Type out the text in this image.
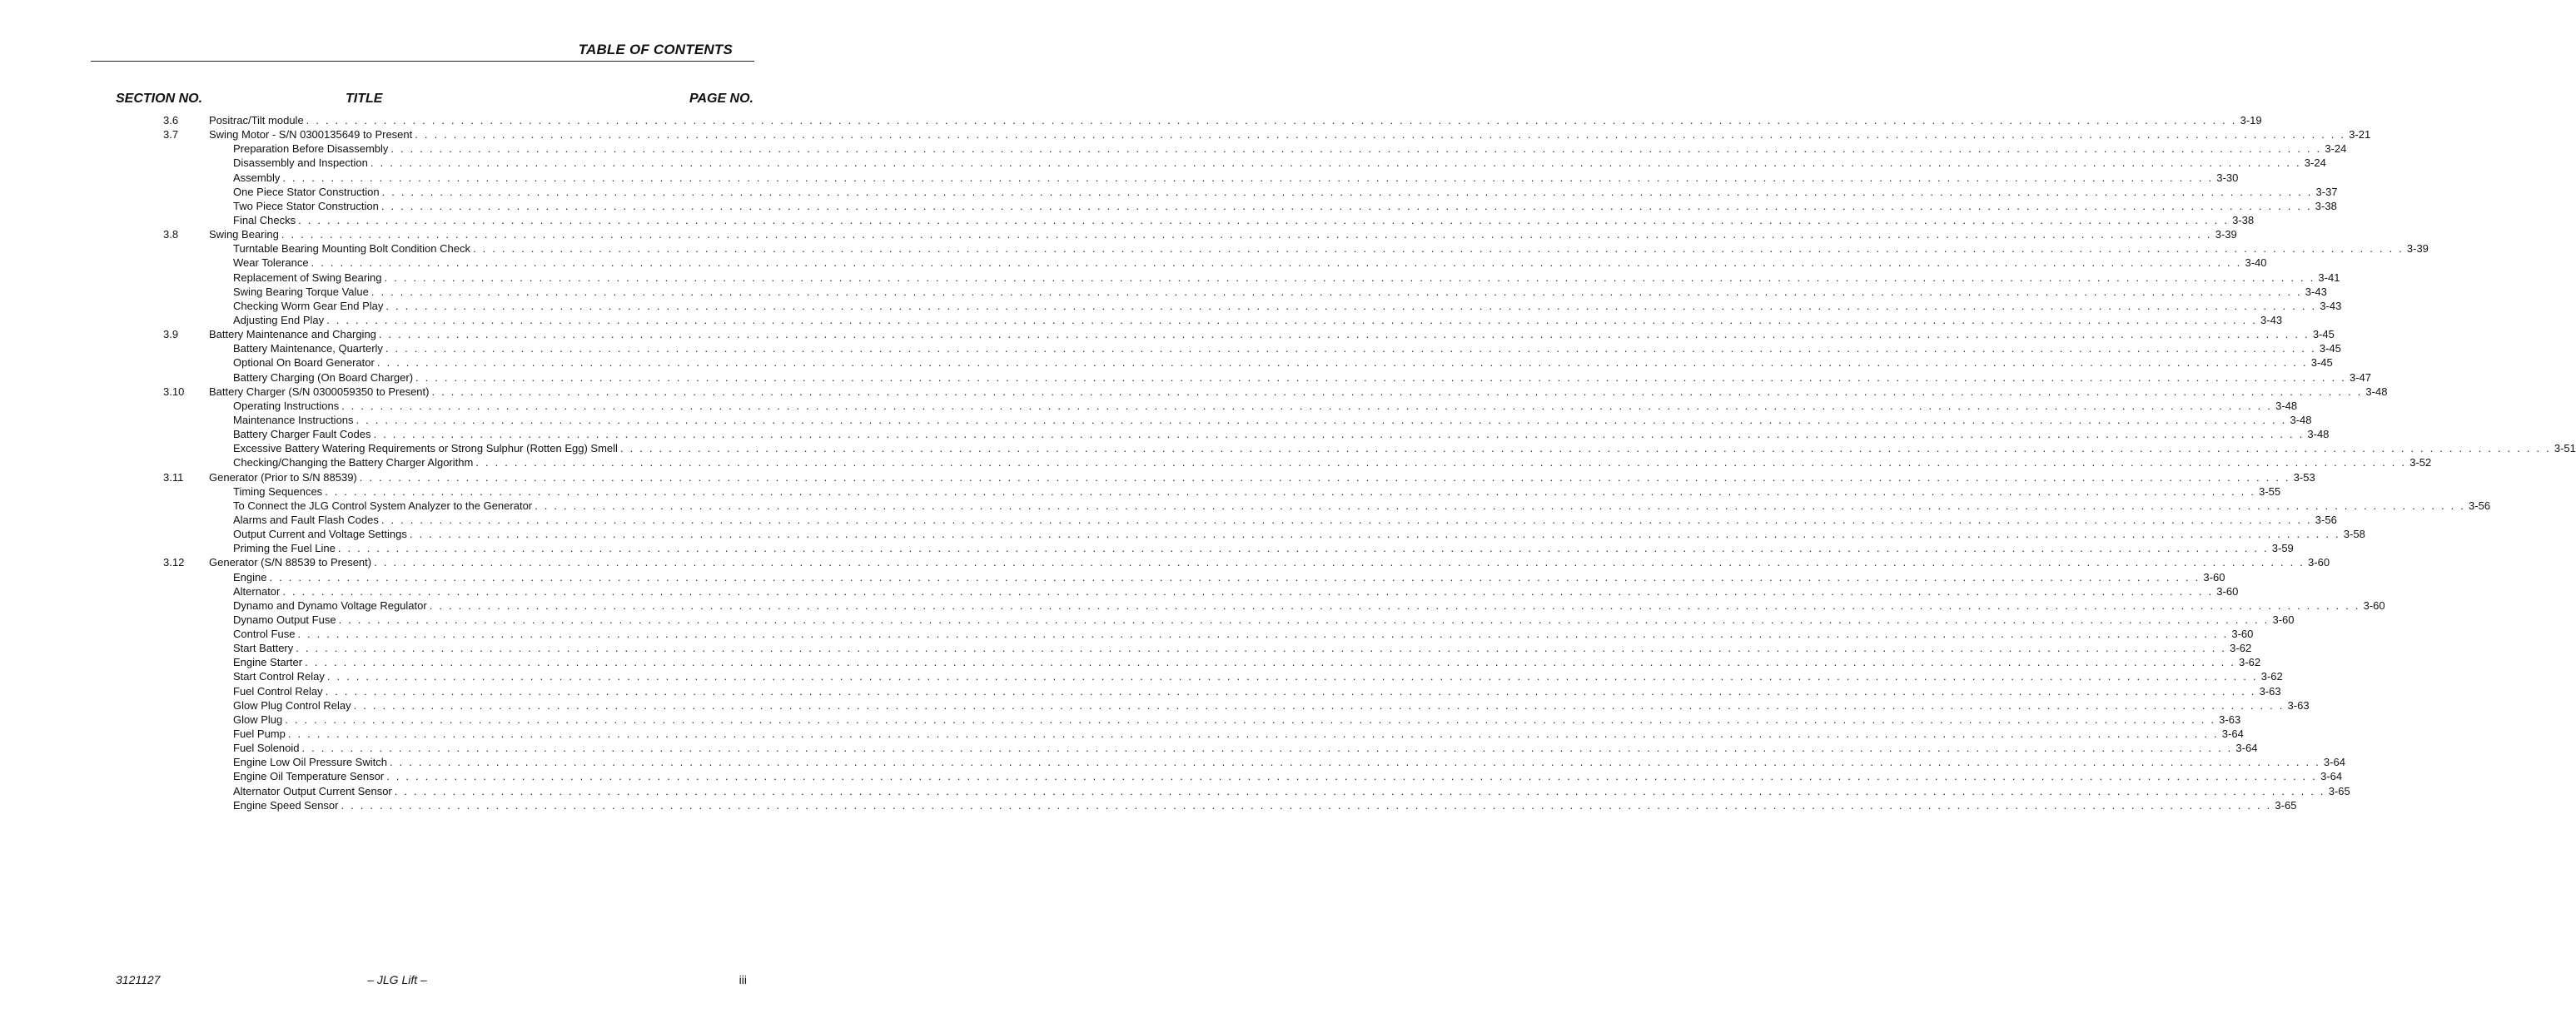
TABLE OF CONTENTS
SECTION NO.	TITLE	PAGE NO.
3.6	Positrac/Tilt module . . . . . . . . . . . . . . . . . . . . . . . . . . . . . . . . . . . . . . . . . . . . . . . . . . . . . . . . . . . . . . . . . . . . . . . . . . . . . . . . . . . . . . . . . . . . . . . . . . . . . . . . . . . . . . . . . . . . . . . . . . . . . . . . . . . . . . . . . . . . . . . . . . . . . . . . . . . . . . . . . . . . . . . . . . . . . . . . . . . . . . . . . . . . . . . . . . . . . . . . 3-19
3.7	Swing Motor - S/N 0300135649 to Present . . . . . . . . . . . . . . . . . . . . . . . . . . . . . . . . . . . . . . . . . . . . . . . . . . . . . . . . . . . . . . . . . . . . . . . . . . . . . . . . . . . . . . . . . . . . . . . . . . . . . . . . . . . . . . . . . . . . . . . . . . . . . . . . . . . . . . . . . . . . . . . . . . . . . . . . . . . . . . . . . . . . . . . . . . . . . . . . . . . . . . . . . . . . . . . . . . . . . . . . 3-21
Preparation Before Disassembly . . . . . . . . . . . . . . . . . . . . . . . . . . . . . . . . . . . . . . . . . . . . . . . . . . . . . . . . . . . . . . . . . . . . . . . . . . . . . . . . . . . . . . . . . . . . . . . . . . . . . . . . . . . . . . . . . . . . . . . . . . . . . . . . . . . . . . . . . . . . . . . . . . . . . . . . . . . . . . . . . . . . . . . . . . . . . . . . . . . . . . . . . . . . . . . . . . . . . . . . 3-24
Disassembly and Inspection . . . . . . . . . . . . . . . . . . . . . . . . . . . . . . . . . . . . . . . . . . . . . . . . . . . . . . . . . . . . . . . . . . . . . . . . . . . . . . . . . . . . . . . . . . . . . . . . . . . . . . . . . . . . . . . . . . . . . . . . . . . . . . . . . . . . . . . . . . . . . . . . . . . . . . . . . . . . . . . . . . . . . . . . . . . . . . . . . . . . . . . . . . . . . . . . . . . . . . . . 3-24
Assembly . . . . . . . . . . . . . . . . . . . . . . . . . . . . . . . . . . . . . . . . . . . . . . . . . . . . . . . . . . . . . . . . . . . . . . . . . . . . . . . . . . . . . . . . . . . . . . . . . . . . . . . . . . . . . . . . . . . . . . . . . . . . . . . . . . . . . . . . . . . . . . . . . . . . . . . . . . . . . . . . . . . . . . . . . . . . . . . . . . . . . . . . . . . . . . . . . . . . . . . . 3-30
One Piece Stator Construction . . . . . . . . . . . . . . . . . . . . . . . . . . . . . . . . . . . . . . . . . . . . . . . . . . . . . . . . . . . . . . . . . . . . . . . . . . . . . . . . . . . . . . . . . . . . . . . . . . . . . . . . . . . . . . . . . . . . . . . . . . . . . . . . . . . . . . . . . . . . . . . . . . . . . . . . . . . . . . . . . . . . . . . . . . . . . . . . . . . . . . . . . . . . . . . . . . . . . . . . 3-37
Two Piece Stator Construction . . . . . . . . . . . . . . . . . . . . . . . . . . . . . . . . . . . . . . . . . . . . . . . . . . . . . . . . . . . . . . . . . . . . . . . . . . . . . . . . . . . . . . . . . . . . . . . . . . . . . . . . . . . . . . . . . . . . . . . . . . . . . . . . . . . . . . . . . . . . . . . . . . . . . . . . . . . . . . . . . . . . . . . . . . . . . . . . . . . . . . . . . . . . . . . . . . . . . . . . 3-38
Final Checks . . . . . . . . . . . . . . . . . . . . . . . . . . . . . . . . . . . . . . . . . . . . . . . . . . . . . . . . . . . . . . . . . . . . . . . . . . . . . . . . . . . . . . . . . . . . . . . . . . . . . . . . . . . . . . . . . . . . . . . . . . . . . . . . . . . . . . . . . . . . . . . . . . . . . . . . . . . . . . . . . . . . . . . . . . . . . . . . . . . . . . . . . . . . . . . . . . . . . . . . 3-38
3.8	Swing Bearing . . . . . . . . . . . . . . . . . . . . . . . . . . . . . . . . . . . . . . . . . . . . . . . . . . . . . . . . . . . . . . . . . . . . . . . . . . . . . . . . . . . . . . . . . . . . . . . . . . . . . . . . . . . . . . . . . . . . . . . . . . . . . . . . . . . . . . . . . . . . . . . . . . . . . . . . . . . . . . . . . . . . . . . . . . . . . . . . . . . . . . . . . . . . . . . . . . . . . . . . 3-39
Turntable Bearing Mounting Bolt Condition Check . . . . . . . . . . . . . . . . . . . . . . . . . . . . . . . . . . . . . . . . . . . . . . . . . . . . . . . . . . . . . . . . . . . . . . . . . . . . . . . . . . . . . . . . . . . . . . . . . . . . . . . . . . . . . . . . . . . . . . . . . . . . . . . . . . . . . . . . . . . . . . . . . . . . . . . . . . . . . . . . . . . . . . . . . . . . . . . . . . . . . . . . . . . . . . . . . . . . . . . . 3-39
Wear Tolerance . . . . . . . . . . . . . . . . . . . . . . . . . . . . . . . . . . . . . . . . . . . . . . . . . . . . . . . . . . . . . . . . . . . . . . . . . . . . . . . . . . . . . . . . . . . . . . . . . . . . . . . . . . . . . . . . . . . . . . . . . . . . . . . . . . . . . . . . . . . . . . . . . . . . . . . . . . . . . . . . . . . . . . . . . . . . . . . . . . . . . . . . . . . . . . . . . . . . . . . . 3-40
Replacement of Swing Bearing . . . . . . . . . . . . . . . . . . . . . . . . . . . . . . . . . . . . . . . . . . . . . . . . . . . . . . . . . . . . . . . . . . . . . . . . . . . . . . . . . . . . . . . . . . . . . . . . . . . . . . . . . . . . . . . . . . . . . . . . . . . . . . . . . . . . . . . . . . . . . . . . . . . . . . . . . . . . . . . . . . . . . . . . . . . . . . . . . . . . . . . . . . . . . . . . . . . . . . . . 3-41
Swing Bearing Torque Value . . . . . . . . . . . . . . . . . . . . . . . . . . . . . . . . . . . . . . . . . . . . . . . . . . . . . . . . . . . . . . . . . . . . . . . . . . . . . . . . . . . . . . . . . . . . . . . . . . . . . . . . . . . . . . . . . . . . . . . . . . . . . . . . . . . . . . . . . . . . . . . . . . . . . . . . . . . . . . . . . . . . . . . . . . . . . . . . . . . . . . . . . . . . . . . . . . . . . . . . 3-43
Checking Worm Gear End Play . . . . . . . . . . . . . . . . . . . . . . . . . . . . . . . . . . . . . . . . . . . . . . . . . . . . . . . . . . . . . . . . . . . . . . . . . . . . . . . . . . . . . . . . . . . . . . . . . . . . . . . . . . . . . . . . . . . . . . . . . . . . . . . . . . . . . . . . . . . . . . . . . . . . . . . . . . . . . . . . . . . . . . . . . . . . . . . . . . . . . . . . . . . . . . . . . . . . . . . . 3-43
Adjusting End Play . . . . . . . . . . . . . . . . . . . . . . . . . . . . . . . . . . . . . . . . . . . . . . . . . . . . . . . . . . . . . . . . . . . . . . . . . . . . . . . . . . . . . . . . . . . . . . . . . . . . . . . . . . . . . . . . . . . . . . . . . . . . . . . . . . . . . . . . . . . . . . . . . . . . . . . . . . . . . . . . . . . . . . . . . . . . . . . . . . . . . . . . . . . . . . . . . . . . . . . . 3-43
3.9	Battery Maintenance and Charging . . . . . . . . . . . . . . . . . . . . . . . . . . . . . . . . . . . . . . . . . . . . . . . . . . . . . . . . . . . . . . . . . . . . . . . . . . . . . . . . . . . . . . . . . . . . . . . . . . . . . . . . . . . . . . . . . . . . . . . . . . . . . . . . . . . . . . . . . . . . . . . . . . . . . . . . . . . . . . . . . . . . . . . . . . . . . . . . . . . . . . . . . . . . . . . . . . . . . . . . 3-45
Battery Maintenance, Quarterly . . . . . . . . . . . . . . . . . . . . . . . . . . . . . . . . . . . . . . . . . . . . . . . . . . . . . . . . . . . . . . . . . . . . . . . . . . . . . . . . . . . . . . . . . . . . . . . . . . . . . . . . . . . . . . . . . . . . . . . . . . . . . . . . . . . . . . . . . . . . . . . . . . . . . . . . . . . . . . . . . . . . . . . . . . . . . . . . . . . . . . . . . . . . . . . . . . . . . . . . 3-45
Optional On Board Generator . . . . . . . . . . . . . . . . . . . . . . . . . . . . . . . . . . . . . . . . . . . . . . . . . . . . . . . . . . . . . . . . . . . . . . . . . . . . . . . . . . . . . . . . . . . . . . . . . . . . . . . . . . . . . . . . . . . . . . . . . . . . . . . . . . . . . . . . . . . . . . . . . . . . . . . . . . . . . . . . . . . . . . . . . . . . . . . . . . . . . . . . . . . . . . . . . . . . . . . . 3-45
Battery Charging (On Board Charger) . . . . . . . . . . . . . . . . . . . . . . . . . . . . . . . . . . . . . . . . . . . . . . . . . . . . . . . . . . . . . . . . . . . . . . . . . . . . . . . . . . . . . . . . . . . . . . . . . . . . . . . . . . . . . . . . . . . . . . . . . . . . . . . . . . . . . . . . . . . . . . . . . . . . . . . . . . . . . . . . . . . . . . . . . . . . . . . . . . . . . . . . . . . . . . . . . . . . . . . . 3-47
3.10 Battery Charger (S/N 0300059350 to Present) . . . . . . . . . . . . . . . . . . . . . . . . . . . . . . . . . . . . . . . . . . . . . . . . . . . . . . . . . . . . . . . . . . . . . . . . . . . . . . . . . . . . . . . . . . . . . . . . . . . . . . . . . . . . . . . . . . . . . . . . . . . . . . . . . . . . . . . . . . . . . . . . . . . . . . . . . . . . . . . . . . . . . . . . . . . . . . . . . . . . . . . . . . . . . . . . . . . . . . . . 3-48
Operating Instructions . . . . . . . . . . . . . . . . . . . . . . . . . . . . . . . . . . . . . . . . . . . . . . . . . . . . . . . . . . . . . . . . . . . . . . . . . . . . . . . . . . . . . . . . . . . . . . . . . . . . . . . . . . . . . . . . . . . . . . . . . . . . . . . . . . . . . . . . . . . . . . . . . . . . . . . . . . . . . . . . . . . . . . . . . . . . . . . . . . . . . . . . . . . . . . . . . . . . . . . . 3-48
Maintenance Instructions . . . . . . . . . . . . . . . . . . . . . . . . . . . . . . . . . . . . . . . . . . . . . . . . . . . . . . . . . . . . . . . . . . . . . . . . . . . . . . . . . . . . . . . . . . . . . . . . . . . . . . . . . . . . . . . . . . . . . . . . . . . . . . . . . . . . . . . . . . . . . . . . . . . . . . . . . . . . . . . . . . . . . . . . . . . . . . . . . . . . . . . . . . . . . . . . . . . . . . . . 3-48
Battery Charger Fault Codes . . . . . . . . . . . . . . . . . . . . . . . . . . . . . . . . . . . . . . . . . . . . . . . . . . . . . . . . . . . . . . . . . . . . . . . . . . . . . . . . . . . . . . . . . . . . . . . . . . . . . . . . . . . . . . . . . . . . . . . . . . . . . . . . . . . . . . . . . . . . . . . . . . . . . . . . . . . . . . . . . . . . . . . . . . . . . . . . . . . . . . . . . . . . . . . . . . . . . . . . 3-48
Excessive Battery Watering Requirements or Strong Sulphur (Rotten Egg) Smell . . . . . . . . . . . . . . . . . . . . . . . . . . . . . . . . . . . . . . . . . . . . . . . . . . . . . . . . . . . . . . . . . . . . . . . . . . . . . . . . . . . . . . . . . . . . . . . . . . . . . . . . . . . . . . . . . . . . . . . . . . . . . . . . . . . . . . . . . . . . . . . . . . . . . . . . . . . . . . . . . . . . . . . . . . . . . . . . . . . . . . . . . . . . . . . . . . . . . . . . 3-51
Checking/Changing the Battery Charger Algorithm . . . . . . . . . . . . . . . . . . . . . . . . . . . . . . . . . . . . . . . . . . . . . . . . . . . . . . . . . . . . . . . . . . . . . . . . . . . . . . . . . . . . . . . . . . . . . . . . . . . . . . . . . . . . . . . . . . . . . . . . . . . . . . . . . . . . . . . . . . . . . . . . . . . . . . . . . . . . . . . . . . . . . . . . . . . . . . . . . . . . . . . . . . . . . . . . . . . . . . . . 3-52
3.11 Generator (Prior to S/N 88539) . . . . . . . . . . . . . . . . . . . . . . . . . . . . . . . . . . . . . . . . . . . . . . . . . . . . . . . . . . . . . . . . . . . . . . . . . . . . . . . . . . . . . . . . . . . . . . . . . . . . . . . . . . . . . . . . . . . . . . . . . . . . . . . . . . . . . . . . . . . . . . . . . . . . . . . . . . . . . . . . . . . . . . . . . . . . . . . . . . . . . . . . . . . . . . . . . . . . . . . . 3-53
Timing Sequences . . . . . . . . . . . . . . . . . . . . . . . . . . . . . . . . . . . . . . . . . . . . . . . . . . . . . . . . . . . . . . . . . . . . . . . . . . . . . . . . . . . . . . . . . . . . . . . . . . . . . . . . . . . . . . . . . . . . . . . . . . . . . . . . . . . . . . . . . . . . . . . . . . . . . . . . . . . . . . . . . . . . . . . . . . . . . . . . . . . . . . . . . . . . . . . . . . . . . . . . 3-55
To Connect the JLG Control System Analyzer to the Generator . . . . . . . . . . . . . . . . . . . . . . . . . . . . . . . . . . . . . . . . . . . . . . . . . . . . . . . . . . . . . . . . . . . . . . . . . . . . . . . . . . . . . . . . . . . . . . . . . . . . . . . . . . . . . . . . . . . . . . . . . . . . . . . . . . . . . . . . . . . . . . . . . . . . . . . . . . . . . . . . . . . . . . . . . . . . . . . . . . . . . . . . . . . . . . . . . . . . . . . . 3-56
Alarms and Fault Flash Codes . . . . . . . . . . . . . . . . . . . . . . . . . . . . . . . . . . . . . . . . . . . . . . . . . . . . . . . . . . . . . . . . . . . . . . . . . . . . . . . . . . . . . . . . . . . . . . . . . . . . . . . . . . . . . . . . . . . . . . . . . . . . . . . . . . . . . . . . . . . . . . . . . . . . . . . . . . . . . . . . . . . . . . . . . . . . . . . . . . . . . . . . . . . . . . . . . . . . . . . . 3-56
Output Current and Voltage Settings . . . . . . . . . . . . . . . . . . . . . . . . . . . . . . . . . . . . . . . . . . . . . . . . . . . . . . . . . . . . . . . . . . . . . . . . . . . . . . . . . . . . . . . . . . . . . . . . . . . . . . . . . . . . . . . . . . . . . . . . . . . . . . . . . . . . . . . . . . . . . . . . . . . . . . . . . . . . . . . . . . . . . . . . . . . . . . . . . . . . . . . . . . . . . . . . . . . . . . . . 3-58
Priming the Fuel Line . . . . . . . . . . . . . . . . . . . . . . . . . . . . . . . . . . . . . . . . . . . . . . . . . . . . . . . . . . . . . . . . . . . . . . . . . . . . . . . . . . . . . . . . . . . . . . . . . . . . . . . . . . . . . . . . . . . . . . . . . . . . . . . . . . . . . . . . . . . . . . . . . . . . . . . . . . . . . . . . . . . . . . . . . . . . . . . . . . . . . . . . . . . . . . . . . . . . . . . . 3-59
3.12 Generator (S/N 88539 to Present) . . . . . . . . . . . . . . . . . . . . . . . . . . . . . . . . . . . . . . . . . . . . . . . . . . . . . . . . . . . . . . . . . . . . . . . . . . . . . . . . . . . . . . . . . . . . . . . . . . . . . . . . . . . . . . . . . . . . . . . . . . . . . . . . . . . . . . . . . . . . . . . . . . . . . . . . . . . . . . . . . . . . . . . . . . . . . . . . . . . . . . . . . . . . . . . . . . . . . . . . 3-60
Engine . . . . . . . . . . . . . . . . . . . . . . . . . . . . . . . . . . . . . . . . . . . . . . . . . . . . . . . . . . . . . . . . . . . . . . . . . . . . . . . . . . . . . . . . . . . . . . . . . . . . . . . . . . . . . . . . . . . . . . . . . . . . . . . . . . . . . . . . . . . . . . . . . . . . . . . . . . . . . . . . . . . . . . . . . . . . . . . . . . . . . . . . . . . . . . . . . . . . . . . . 3-60
Alternator . . . . . . . . . . . . . . . . . . . . . . . . . . . . . . . . . . . . . . . . . . . . . . . . . . . . . . . . . . . . . . . . . . . . . . . . . . . . . . . . . . . . . . . . . . . . . . . . . . . . . . . . . . . . . . . . . . . . . . . . . . . . . . . . . . . . . . . . . . . . . . . . . . . . . . . . . . . . . . . . . . . . . . . . . . . . . . . . . . . . . . . . . . . . . . . . . . . . . . . . 3-60
Dynamo and Dynamo Voltage Regulator . . . . . . . . . . . . . . . . . . . . . . . . . . . . . . . . . . . . . . . . . . . . . . . . . . . . . . . . . . . . . . . . . . . . . . . . . . . . . . . . . . . . . . . . . . . . . . . . . . . . . . . . . . . . . . . . . . . . . . . . . . . . . . . . . . . . . . . . . . . . . . . . . . . . . . . . . . . . . . . . . . . . . . . . . . . . . . . . . . . . . . . . . . . . . . . . . . . . . . . . 3-60
Dynamo Output Fuse . . . . . . . . . . . . . . . . . . . . . . . . . . . . . . . . . . . . . . . . . . . . . . . . . . . . . . . . . . . . . . . . . . . . . . . . . . . . . . . . . . . . . . . . . . . . . . . . . . . . . . . . . . . . . . . . . . . . . . . . . . . . . . . . . . . . . . . . . . . . . . . . . . . . . . . . . . . . . . . . . . . . . . . . . . . . . . . . . . . . . . . . . . . . . . . . . . . . . . . . 3-60
Control Fuse . . . . . . . . . . . . . . . . . . . . . . . . . . . . . . . . . . . . . . . . . . . . . . . . . . . . . . . . . . . . . . . . . . . . . . . . . . . . . . . . . . . . . . . . . . . . . . . . . . . . . . . . . . . . . . . . . . . . . . . . . . . . . . . . . . . . . . . . . . . . . . . . . . . . . . . . . . . . . . . . . . . . . . . . . . . . . . . . . . . . . . . . . . . . . . . . . . . . . . . . 3-60
Start Battery . . . . . . . . . . . . . . . . . . . . . . . . . . . . . . . . . . . . . . . . . . . . . . . . . . . . . . . . . . . . . . . . . . . . . . . . . . . . . . . . . . . . . . . . . . . . . . . . . . . . . . . . . . . . . . . . . . . . . . . . . . . . . . . . . . . . . . . . . . . . . . . . . . . . . . . . . . . . . . . . . . . . . . . . . . . . . . . . . . . . . . . . . . . . . . . . . . . . . . . . 3-62
Engine Starter . . . . . . . . . . . . . . . . . . . . . . . . . . . . . . . . . . . . . . . . . . . . . . . . . . . . . . . . . . . . . . . . . . . . . . . . . . . . . . . . . . . . . . . . . . . . . . . . . . . . . . . . . . . . . . . . . . . . . . . . . . . . . . . . . . . . . . . . . . . . . . . . . . . . . . . . . . . . . . . . . . . . . . . . . . . . . . . . . . . . . . . . . . . . . . . . . . . . . . . . 3-62
Start Control Relay . . . . . . . . . . . . . . . . . . . . . . . . . . . . . . . . . . . . . . . . . . . . . . . . . . . . . . . . . . . . . . . . . . . . . . . . . . . . . . . . . . . . . . . . . . . . . . . . . . . . . . . . . . . . . . . . . . . . . . . . . . . . . . . . . . . . . . . . . . . . . . . . . . . . . . . . . . . . . . . . . . . . . . . . . . . . . . . . . . . . . . . . . . . . . . . . . . . . . . . . 3-62
Fuel Control Relay . . . . . . . . . . . . . . . . . . . . . . . . . . . . . . . . . . . . . . . . . . . . . . . . . . . . . . . . . . . . . . . . . . . . . . . . . . . . . . . . . . . . . . . . . . . . . . . . . . . . . . . . . . . . . . . . . . . . . . . . . . . . . . . . . . . . . . . . . . . . . . . . . . . . . . . . . . . . . . . . . . . . . . . . . . . . . . . . . . . . . . . . . . . . . . . . . . . . . . . . 3-63
Glow Plug Control Relay . . . . . . . . . . . . . . . . . . . . . . . . . . . . . . . . . . . . . . . . . . . . . . . . . . . . . . . . . . . . . . . . . . . . . . . . . . . . . . . . . . . . . . . . . . . . . . . . . . . . . . . . . . . . . . . . . . . . . . . . . . . . . . . . . . . . . . . . . . . . . . . . . . . . . . . . . . . . . . . . . . . . . . . . . . . . . . . . . . . . . . . . . . . . . . . . . . . . . . . . 3-63
Glow Plug . . . . . . . . . . . . . . . . . . . . . . . . . . . . . . . . . . . . . . . . . . . . . . . . . . . . . . . . . . . . . . . . . . . . . . . . . . . . . . . . . . . . . . . . . . . . . . . . . . . . . . . . . . . . . . . . . . . . . . . . . . . . . . . . . . . . . . . . . . . . . . . . . . . . . . . . . . . . . . . . . . . . . . . . . . . . . . . . . . . . . . . . . . . . . . . . . . . . . . . . 3-63
Fuel Pump . . . . . . . . . . . . . . . . . . . . . . . . . . . . . . . . . . . . . . . . . . . . . . . . . . . . . . . . . . . . . . . . . . . . . . . . . . . . . . . . . . . . . . . . . . . . . . . . . . . . . . . . . . . . . . . . . . . . . . . . . . . . . . . . . . . . . . . . . . . . . . . . . . . . . . . . . . . . . . . . . . . . . . . . . . . . . . . . . . . . . . . . . . . . . . . . . . . . . . . . 3-64
Fuel Solenoid . . . . . . . . . . . . . . . . . . . . . . . . . . . . . . . . . . . . . . . . . . . . . . . . . . . . . . . . . . . . . . . . . . . . . . . . . . . . . . . . . . . . . . . . . . . . . . . . . . . . . . . . . . . . . . . . . . . . . . . . . . . . . . . . . . . . . . . . . . . . . . . . . . . . . . . . . . . . . . . . . . . . . . . . . . . . . . . . . . . . . . . . . . . . . . . . . . . . . . . . 3-64
Engine Low Oil Pressure Switch . . . . . . . . . . . . . . . . . . . . . . . . . . . . . . . . . . . . . . . . . . . . . . . . . . . . . . . . . . . . . . . . . . . . . . . . . . . . . . . . . . . . . . . . . . . . . . . . . . . . . . . . . . . . . . . . . . . . . . . . . . . . . . . . . . . . . . . . . . . . . . . . . . . . . . . . . . . . . . . . . . . . . . . . . . . . . . . . . . . . . . . . . . . . . . . . . . . . . . . . 3-64
Engine Oil Temperature Sensor . . . . . . . . . . . . . . . . . . . . . . . . . . . . . . . . . . . . . . . . . . . . . . . . . . . . . . . . . . . . . . . . . . . . . . . . . . . . . . . . . . . . . . . . . . . . . . . . . . . . . . . . . . . . . . . . . . . . . . . . . . . . . . . . . . . . . . . . . . . . . . . . . . . . . . . . . . . . . . . . . . . . . . . . . . . . . . . . . . . . . . . . . . . . . . . . . . . . . . . . 3-64
Alternator Output Current Sensor . . . . . . . . . . . . . . . . . . . . . . . . . . . . . . . . . . . . . . . . . . . . . . . . . . . . . . . . . . . . . . . . . . . . . . . . . . . . . . . . . . . . . . . . . . . . . . . . . . . . . . . . . . . . . . . . . . . . . . . . . . . . . . . . . . . . . . . . . . . . . . . . . . . . . . . . . . . . . . . . . . . . . . . . . . . . . . . . . . . . . . . . . . . . . . . . . . . . . . . . 3-65
Engine Speed Sensor . . . . . . . . . . . . . . . . . . . . . . . . . . . . . . . . . . . . . . . . . . . . . . . . . . . . . . . . . . . . . . . . . . . . . . . . . . . . . . . . . . . . . . . . . . . . . . . . . . . . . . . . . . . . . . . . . . . . . . . . . . . . . . . . . . . . . . . . . . . . . . . . . . . . . . . . . . . . . . . . . . . . . . . . . . . . . . . . . . . . . . . . . . . . . . . . . . . . . . . . 3-65
3121127	– JLG Lift –	iii
